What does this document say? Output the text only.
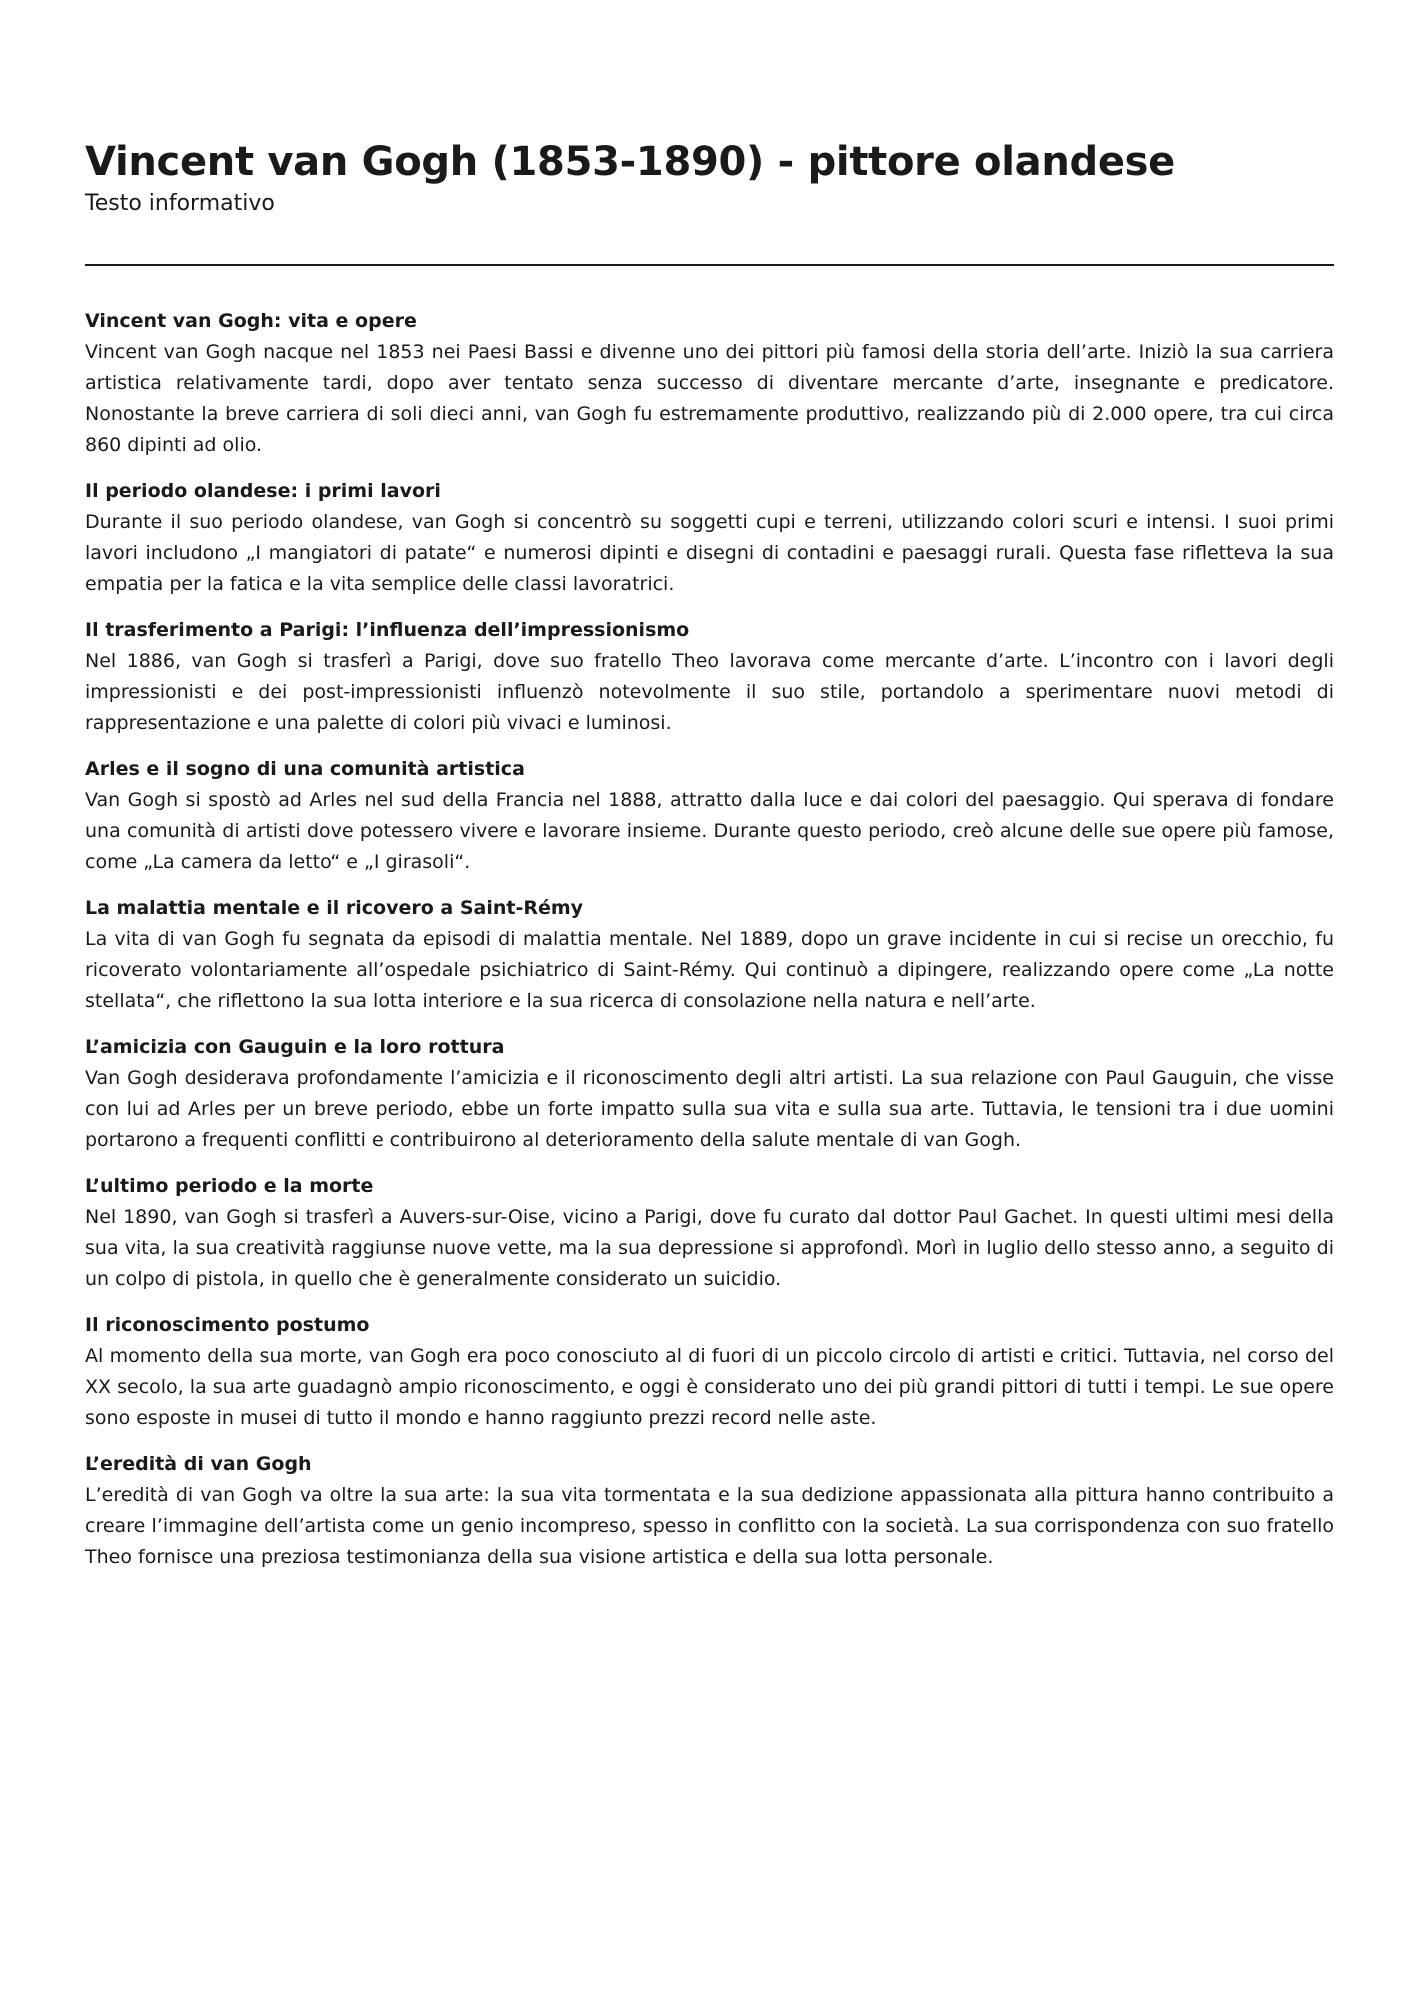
Vincent van Gogh (1853-1890) - pittore olandese
Testo informativo
Vincent van Gogh: vita e opere

Vincent van Gogh nacque nel 1853 nei Paesi Bassi e divenne uno dei pittori più famosi della storia dell’arte. Iniziò la sua carriera artistica relativamente tardi, dopo aver tentato senza successo di diventare mercante d’arte, insegnante e predicatore. Nonostante la breve carriera di soli dieci anni, van Gogh fu estremamente produttivo, realizzando più di 2.000 opere, tra cui circa 860 dipinti ad olio.

Il periodo olandese: i primi lavori

Durante il suo periodo olandese, van Gogh si concentrò su soggetti cupi e terreni, utilizzando colori scuri e intensi. I suoi primi lavori includono „I mangiatori di patate“ e numerosi dipinti e disegni di contadini e paesaggi rurali. Questa fase rifletteva la sua empatia per la fatica e la vita semplice delle classi lavoratrici.

Il trasferimento a Parigi: l’influenza dell’impressionismo

Nel 1886, van Gogh si trasferì a Parigi, dove suo fratello Theo lavorava come mercante d’arte. L’incontro con i lavori degli impressionisti e dei post-impressionisti influenzò notevolmente il suo stile, portandolo a sperimentare nuovi metodi di rappresentazione e una palette di colori più vivaci e luminosi.

Arles e il sogno di una comunità artistica

Van Gogh si spostò ad Arles nel sud della Francia nel 1888, attratto dalla luce e dai colori del paesaggio. Qui sperava di fondare una comunità di artisti dove potessero vivere e lavorare insieme. Durante questo periodo, creò alcune delle sue opere più famose, come „La camera da letto“ e „I girasoli“.

La malattia mentale e il ricovero a Saint-Rémy

La vita di van Gogh fu segnata da episodi di malattia mentale. Nel 1889, dopo un grave incidente in cui si recise un orecchio, fu ricoverato volontariamente all’ospedale psichiatrico di Saint-Rémy. Qui continuò a dipingere, realizzando opere come „La notte stellata“, che riflettono la sua lotta interiore e la sua ricerca di consolazione nella natura e nell’arte.

L’amicizia con Gauguin e la loro rottura

Van Gogh desiderava profondamente l’amicizia e il riconoscimento degli altri artisti. La sua relazione con Paul Gauguin, che visse con lui ad Arles per un breve periodo, ebbe un forte impatto sulla sua vita e sulla sua arte. Tuttavia, le tensioni tra i due uomini portarono a frequenti conflitti e contribuirono al deterioramento della salute mentale di van Gogh.

L’ultimo periodo e la morte

Nel 1890, van Gogh si trasferì a Auvers-sur-Oise, vicino a Parigi, dove fu curato dal dottor Paul Gachet. In questi ultimi mesi della sua vita, la sua creatività raggiunse nuove vette, ma la sua depressione si approfondì. Morì in luglio dello stesso anno, a seguito di un colpo di pistola, in quello che è generalmente considerato un suicidio.

Il riconoscimento postumo

Al momento della sua morte, van Gogh era poco conosciuto al di fuori di un piccolo circolo di artisti e critici. Tuttavia, nel corso del XX secolo, la sua arte guadagnò ampio riconoscimento, e oggi è considerato uno dei più grandi pittori di tutti i tempi. Le sue opere sono esposte in musei di tutto il mondo e hanno raggiunto prezzi record nelle aste.

L’eredità di van Gogh

L’eredità di van Gogh va oltre la sua arte: la sua vita tormentata e la sua dedizione appassionata alla pittura hanno contribuito a creare l’immagine dell’artista come un genio incompreso, spesso in conflitto con la società. La sua corrispondenza con suo fratello Theo fornisce una preziosa testimonianza della sua visione artistica e della sua lotta personale.
